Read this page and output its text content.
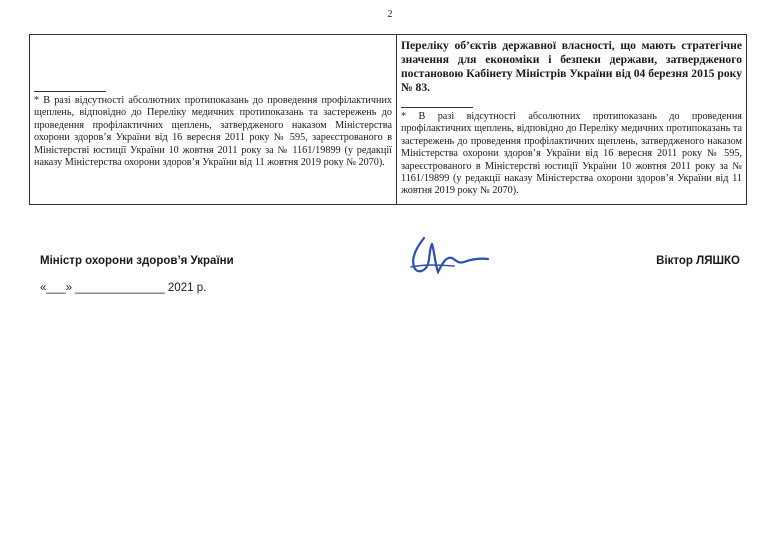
2

* В разі відсутності абсолютних протипоказань до проведення профілактичних щеплень, відповідно до Переліку медичних протипоказань та застережень до проведення профілактичних щеплень, затвердженого наказом Міністерства охорони здоров’я України від 16 вересня 2011 року № 595, зареєстрованого в Міністерстві юстиції України 10 жовтня 2011 року за № 1161/19899 (у редакції наказу Міністерства охорони здоров’я України від 11 жовтня 2019 року № 2070).

Переліку об’єктів державної власності, що мають стратегічне значення для економіки і безпеки держави, затвердженого постановою Кабінету Міністрів України від 04 березня 2015 року № 83.

* В разі відсутності абсолютних протипоказань до проведення профілактичних щеплень, відповідно до Переліку медичних протипоказань та застережень до проведення профілактичних щеплень, затвердженого наказом Міністерства охорони здоров’я України від 16 вересня 2011 року № 595, зареєстрованого в Міністерстві юстиції України 10 жовтня 2011 року за № 1161/19899 (у редакції наказу Міністерства охорони здоров’я України від 11 жовтня 2019 року № 2070).

Міністр охорони здоров’я України	Віктор ЛЯШКО
«___» ______________ 2021 р.
